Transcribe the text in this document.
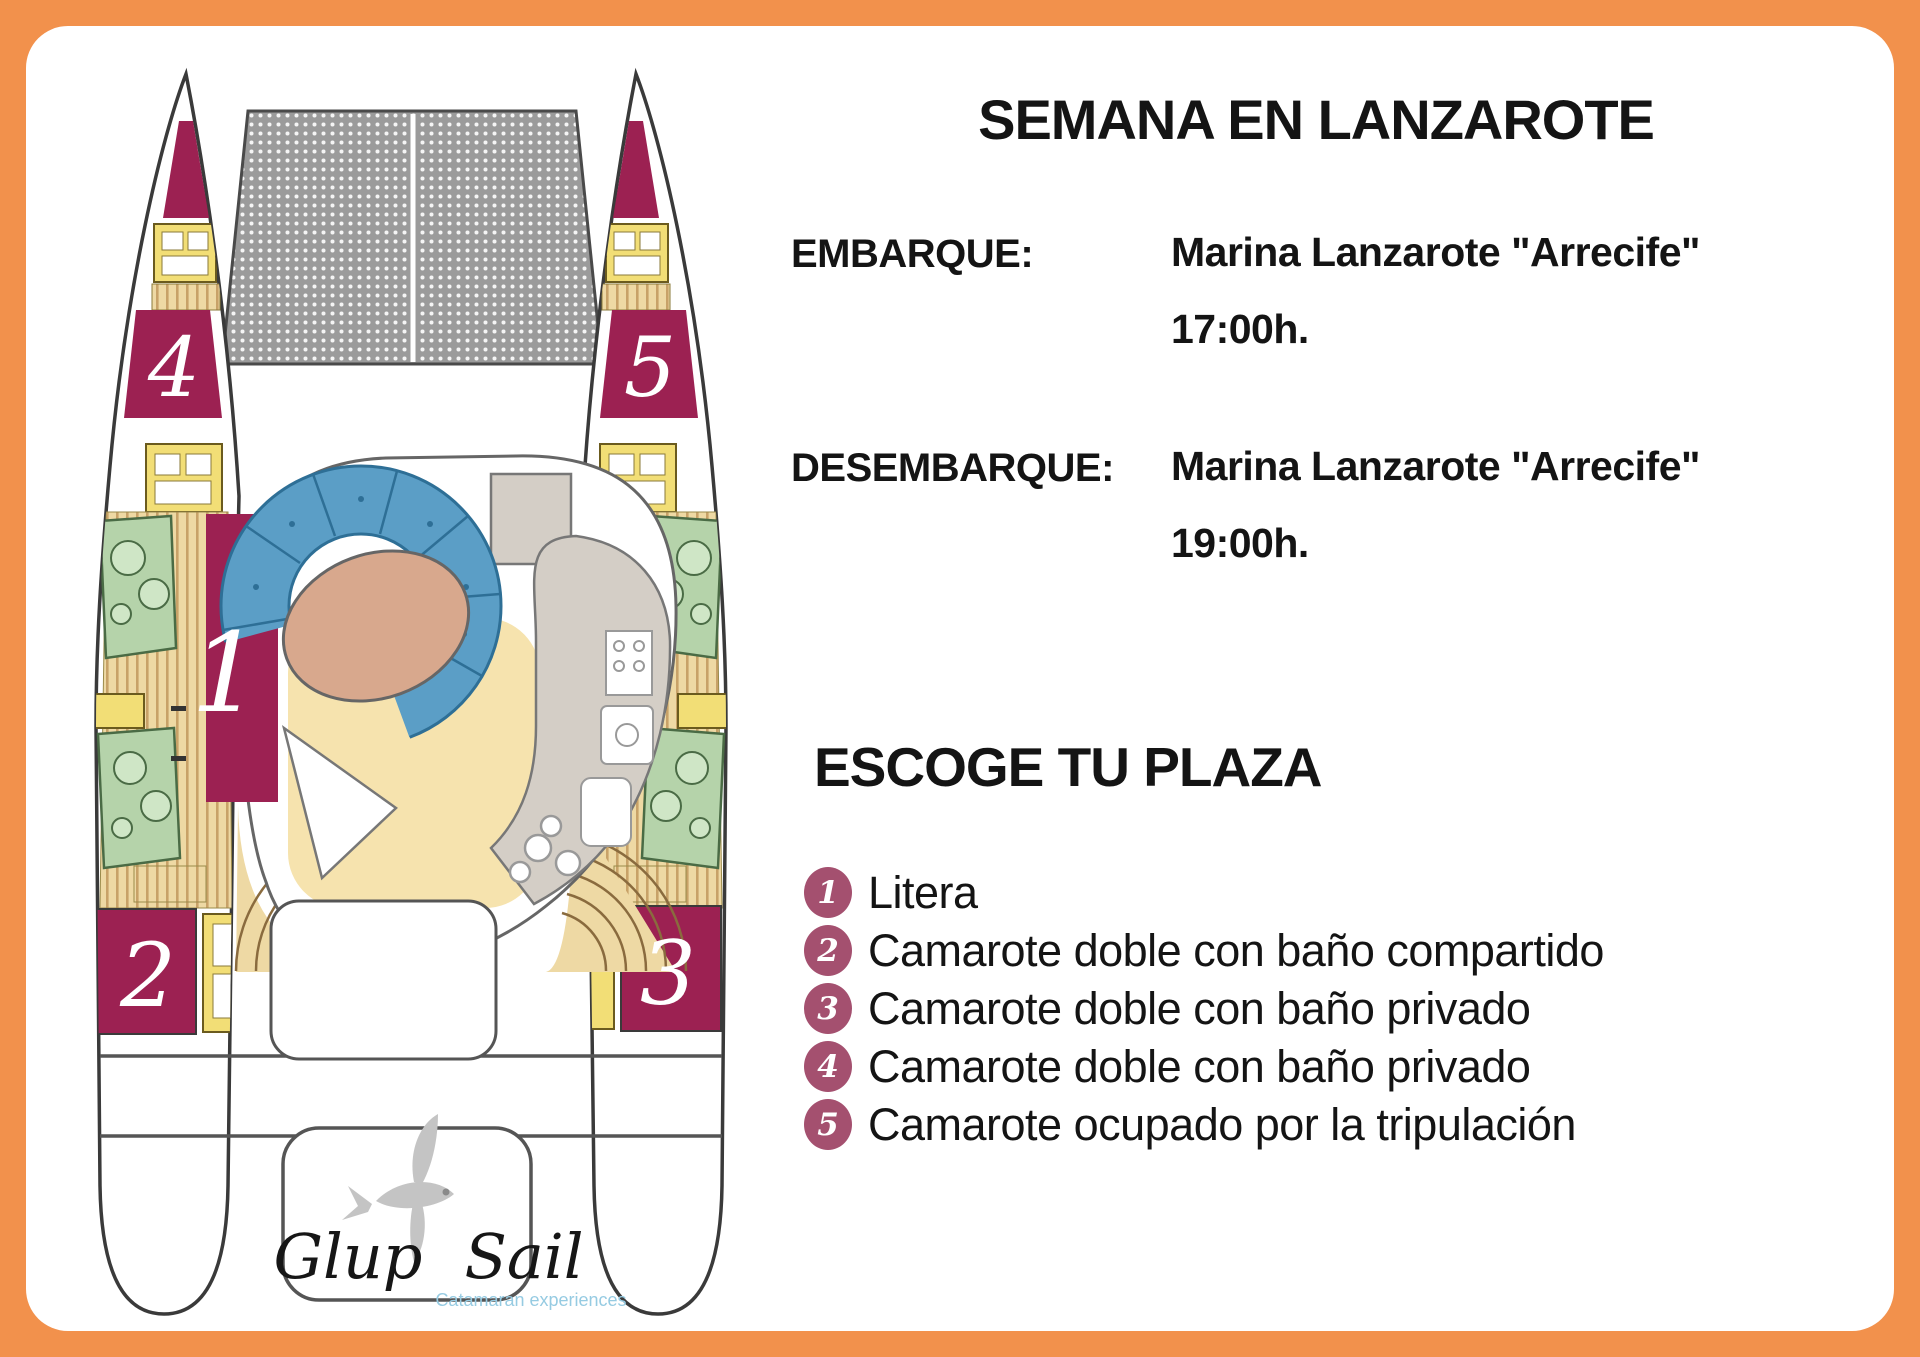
1
2	3
4	5
Glup Sail
Catamaran experiences
SEMANA EN LANZAROTE
EMBARQUE:	Marina Lanzarote "Arrecife"
17:00h.
DESEMBARQUE: Marina Lanzarote "Arrecife"
19:00h.
ESCOGE TU PLAZA
1 Litera
2 Camarote doble con baño compartido
3 Camarote doble con baño privado
4 Camarote doble con baño privado
5 Camarote ocupado por la tripulación
